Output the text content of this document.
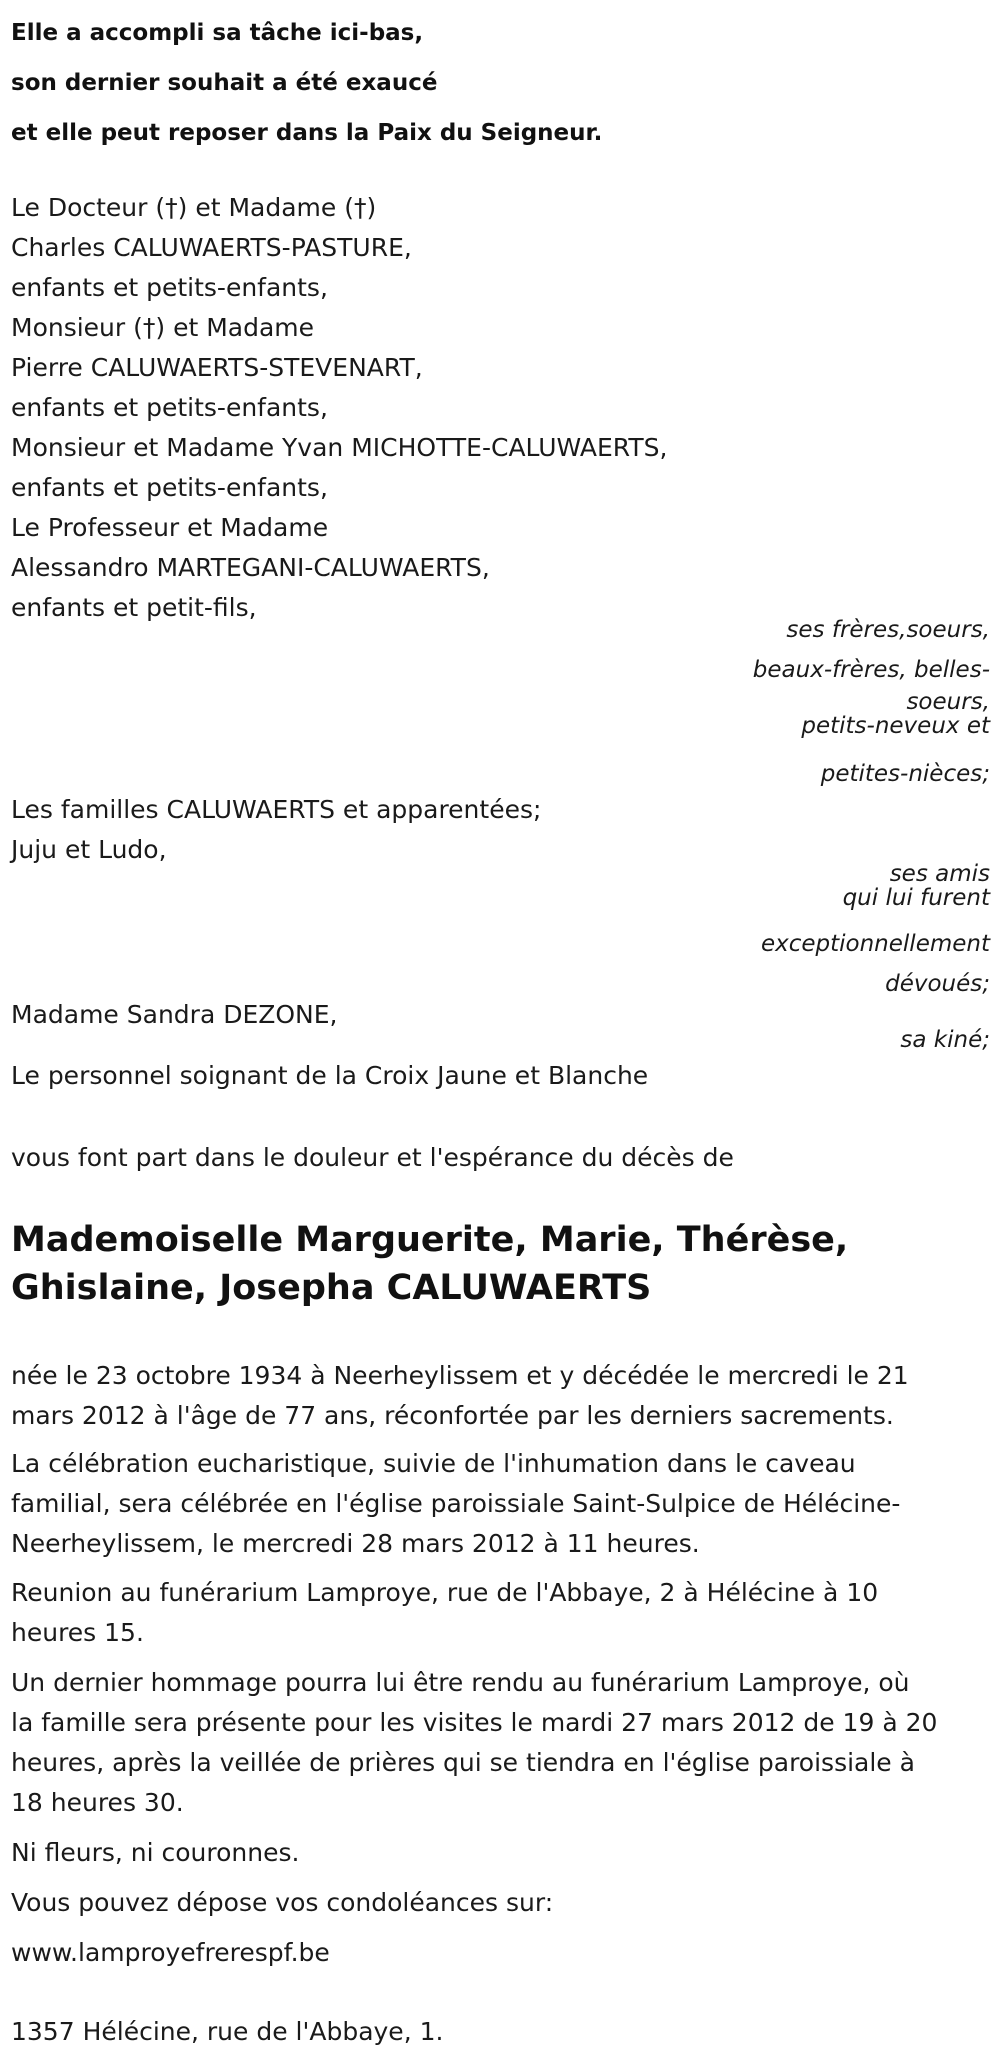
Elle a accompli sa tâche ici-bas,
son dernier souhait a été exaucé
et elle peut reposer dans la Paix du Seigneur.
Le Docteur (†) et Madame (†)
Charles CALUWAERTS-PASTURE,
enfants et petits-enfants,
Monsieur (†) et Madame
Pierre CALUWAERTS-STEVENART,
enfants et petits-enfants,
Monsieur et Madame Yvan MICHOTTE-CALUWAERTS,
enfants et petits-enfants,
Le Professeur et Madame
Alessandro MARTEGANI-CALUWAERTS,
enfants et petit-fils,
ses frères,soeurs,
beaux-frères, belles-
soeurs,
petits-neveux et
petites-nièces;
Les familles CALUWAERTS et apparentées;
Juju et Ludo,
ses amis
qui lui furent
exceptionnellement
dévoués;
Madame Sandra DEZONE,
sa kiné;
Le personnel soignant de la Croix Jaune et Blanche
vous font part dans le douleur et l'espérance du décès de
Mademoiselle Marguerite, Marie, Thérèse,
Ghislaine, Josepha CALUWAERTS
née le 23 octobre 1934 à Neerheylissem et y décédée le mercredi le 21
mars 2012 à l'âge de 77 ans, réconfortée par les derniers sacrements.
La célébration eucharistique, suivie de l'inhumation dans le caveau
familial, sera célébrée en l'église paroissiale Saint-Sulpice de Hélécine-
Neerheylissem, le mercredi 28 mars 2012 à 11 heures.
Reunion au funérarium Lamproye, rue de l'Abbaye, 2 à Hélécine à 10
heures 15.
Un dernier hommage pourra lui être rendu au funérarium Lamproye, où
la famille sera présente pour les visites le mardi 27 mars 2012 de 19 à 20
heures, après la veillée de prières qui se tiendra en l'église paroissiale à
18 heures 30.
Ni fleurs, ni couronnes.
Vous pouvez dépose vos condoléances sur:
www.lamproyefrerespf.be
1357 Hélécine, rue de l'Abbaye, 1.
